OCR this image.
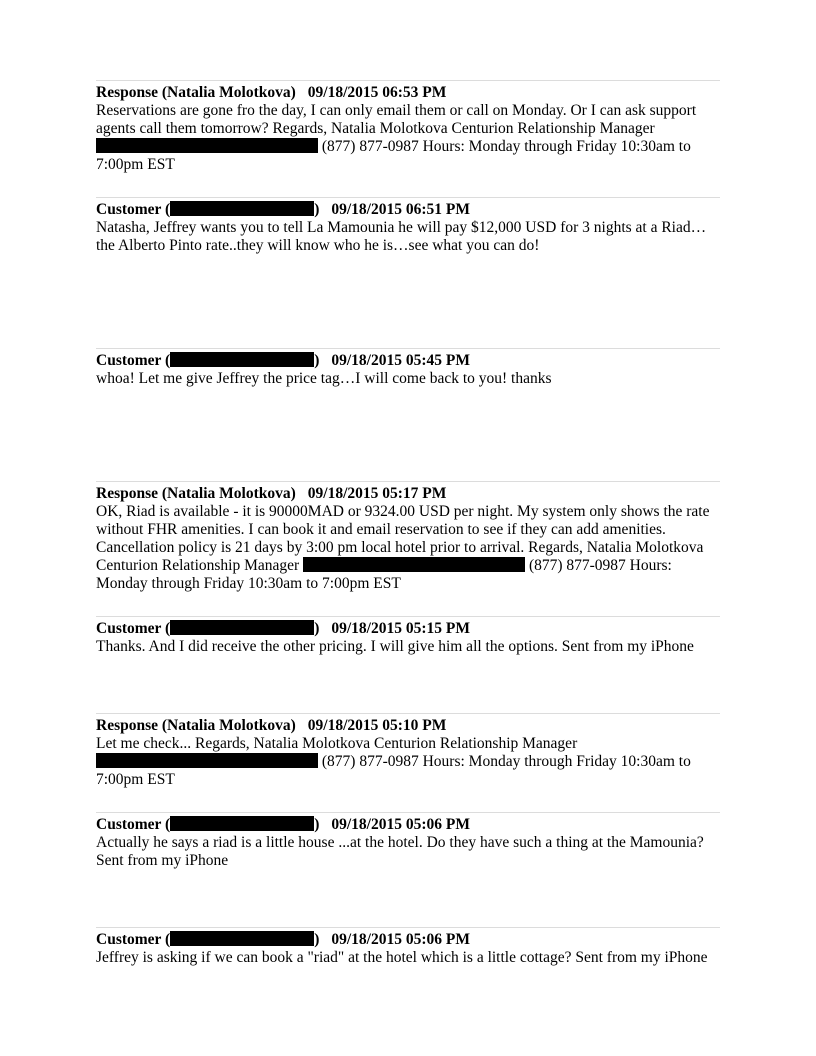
Response (Natalia Molotkova) 09/18/2015 06:53 PM
Reservations are gone fro the day, I can only email them or call on Monday. Or I can ask support agents call them tomorrow? Regards, Natalia Molotkova Centurion Relationship Manager  (877) 877-0987 Hours: Monday through Friday 10:30am to 7:00pm EST
Customer (	) 09/18/2015 06:51 PM
Natasha, Jeffrey wants you to tell La Mamounia he will pay $12,000 USD for 3 nights at a Riad…the Alberto Pinto rate..they will know who he is…see what you can do!
Customer (	) 09/18/2015 05:45 PM
whoa! Let me give Jeffrey the price tag…I will come back to you! thanks
Response (Natalia Molotkova) 09/18/2015 05:17 PM
OK, Riad is available - it is 90000MAD or 9324.00 USD per night. My system only shows the rate without FHR amenities. I can book it and email reservation to see if they can add amenities. Cancellation policy is 21 days by 3:00 pm local hotel prior to arrival. Regards, Natalia Molotkova Centurion Relationship Manager	(877) 877-0987 Hours: Monday through Friday 10:30am to 7:00pm EST
Customer (	) 09/18/2015 05:15 PM
Thanks. And I did receive the other pricing. I will give him all the options. Sent from my iPhone
Response (Natalia Molotkova) 09/18/2015 05:10 PM
Let me check... Regards, Natalia Molotkova Centurion Relationship Manager  (877) 877-0987 Hours: Monday through Friday 10:30am to 7:00pm EST
Customer (	) 09/18/2015 05:06 PM
Actually he says a riad is a little house ...at the hotel. Do they have such a thing at the Mamounia? Sent from my iPhone
Customer (	) 09/18/2015 05:06 PM
Jeffrey is asking if we can book a "riad" at the hotel which is a little cottage? Sent from my iPhone
